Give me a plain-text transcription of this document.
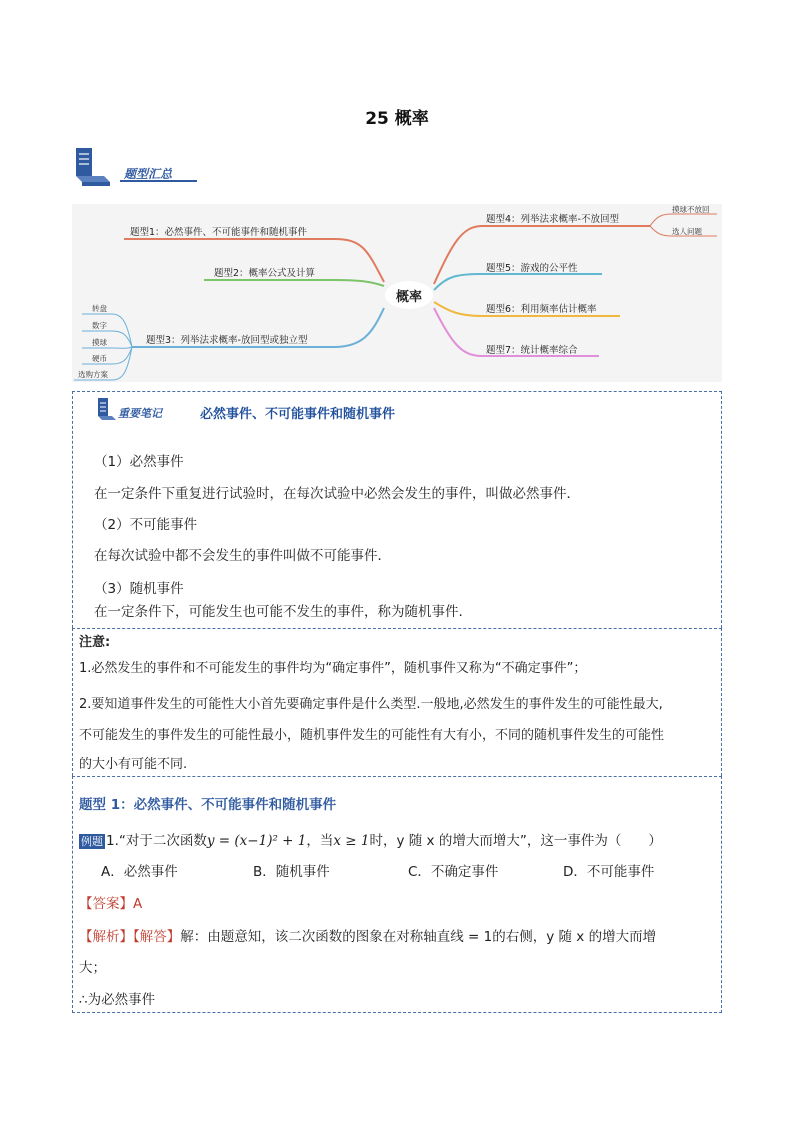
25 概率
题型汇总
概率
题型1：必然事件、不可能事件和随机事件
题型2：概率公式及计算
题型3：列举法求概率-放回型或独立型
转盘
数字
摸球
硬币
选购方案
题型4：列举法求概率-不放回型
题型5：游戏的公平性
题型6：利用频率估计概率
题型7：统计概率综合
摸球不放回
选人问题
重要笔记	必然事件、不可能事件和随机事件
（1）必然事件
在一定条件下重复进行试验时，在每次试验中必然会发生的事件，叫做必然事件．
（2）不可能事件
在每次试验中都不会发生的事件叫做不可能事件．
（3）随机事件
在一定条件下，可能发生也可能不发生的事件，称为随机事件.
注意:
1.必然发生的事件和不可能发生的事件均为“确定事件”，随机事件又称为“不确定事件”；
2.要知道事件发生的可能性大小首先要确定事件是什么类型.一般地,必然发生的事件发生的可能性最大,
不可能发生的事件发生的可能性最小，随机事件发生的可能性有大有小，不同的随机事件发生的可能性
的大小有可能不同.
题型 1：必然事件、不可能事件和随机事件
例题 1.“对于二次函数y = (x−1)² + 1，当x ≥ 1时，y 随 x 的增大而增大”，这一事件为（　　）
A．必然事件	B．随机事件	C．不确定事件	D．不可能事件
【答案】A
【解析】【解答】解：由题意知，该二次函数的图象在对称轴直线 = 1的右侧，y 随 x 的增大而增
大；
∴为必然事件
